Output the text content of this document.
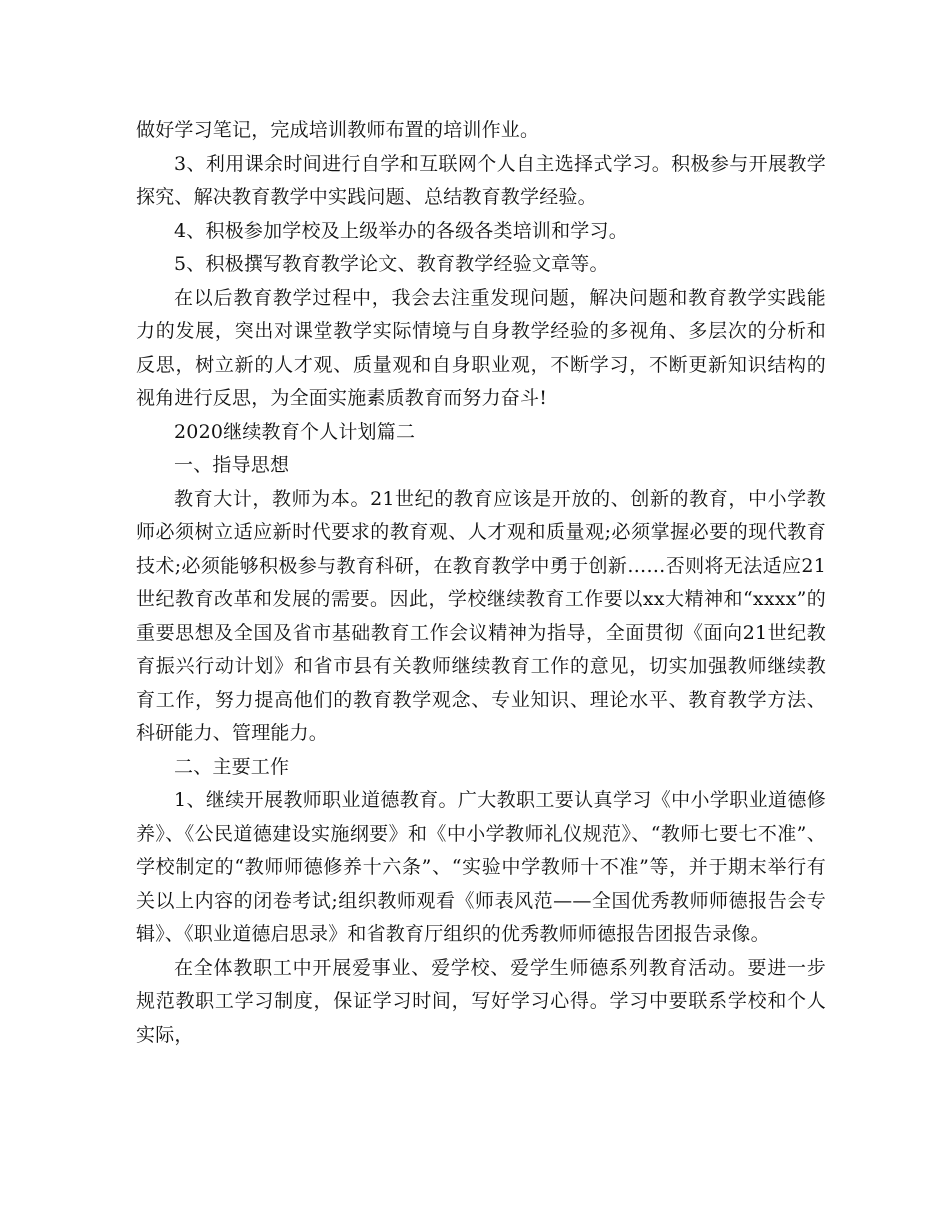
做好学习笔记，完成培训教师布置的培训作业。

3、利用课余时间进行自学和互联网个人自主选择式学习。积极参与开展教学探究、解决教育教学中实践问题、总结教育教学经验。

4、积极参加学校及上级举办的各级各类培训和学习。

5、积极撰写教育教学论文、教育教学经验文章等。

在以后教育教学过程中，我会去注重发现问题，解决问题和教育教学实践能力的发展，突出对课堂教学实际情境与自身教学经验的多视角、多层次的分析和反思，树立新的人才观、质量观和自身职业观，不断学习，不断更新知识结构的视角进行反思，为全面实施素质教育而努力奋斗!

2020继续教育个人计划篇二

一、指导思想

教育大计，教师为本。21世纪的教育应该是开放的、创新的教育，中小学教师必须树立适应新时代要求的教育观、人才观和质量观;必须掌握必要的现代教育技术;必须能够积极参与教育科研，在教育教学中勇于创新……否则将无法适应21世纪教育改革和发展的需要。因此，学校继续教育工作要以xx大精神和“xxxx”的重要思想及全国及省市基础教育工作会议精神为指导，全面贯彻《面向21世纪教育振兴行动计划》和省市县有关教师继续教育工作的意见，切实加强教师继续教育工作，努力提高他们的教育教学观念、专业知识、理论水平、教育教学方法、科研能力、管理能力。

二、主要工作

1、继续开展教师职业道德教育。广大教职工要认真学习《中小学职业道德修养》、《公民道德建设实施纲要》和《中小学教师礼仪规范》、“教师七要七不准”、学校制定的“教师师德修养十六条”、“实验中学教师十不准”等，并于期末举行有关以上内容的闭卷考试;组织教师观看《师表风范——全国优秀教师师德报告会专辑》、《职业道德启思录》和省教育厅组织的优秀教师师德报告团报告录像。

在全体教职工中开展爱事业、爱学校、爱学生师德系列教育活动。要进一步规范教职工学习制度，保证学习时间，写好学习心得。学习中要联系学校和个人实际，
